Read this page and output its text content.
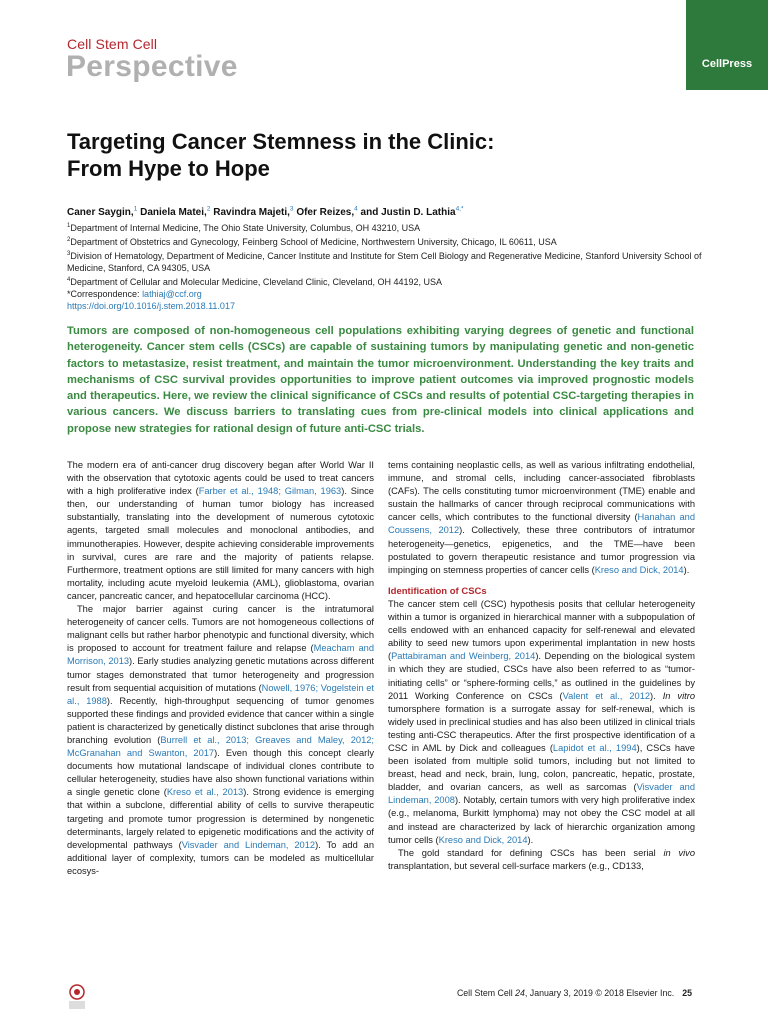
Cell Stem Cell
Perspective	CellPress
Targeting Cancer Stemness in the Clinic:
From Hype to Hope
Caner Saygin,$^1$ Daniela Matei,$^2$ Ravindra Majeti,$^3$ Ofer Reizes,$^4$ and Justin D. Lathia$^{4,*}$
$^1$Department of Internal Medicine, The Ohio State University, Columbus, OH 43210, USA
$^2$Department of Obstetrics and Gynecology, Feinberg School of Medicine, Northwestern University, Chicago, IL 60611, USA
$^3$Division of Hematology, Department of Medicine, Cancer Institute and Institute for Stem Cell Biology and Regenerative Medicine, Stanford University School of Medicine, Stanford, CA 94305, USA
$^4$Department of Cellular and Molecular Medicine, Cleveland Clinic, Cleveland, OH 44192, USA
*Correspondence: lathiaj@ccf.org
https://doi.org/10.1016/j.stem.2018.11.017

Tumors are composed of non-homogeneous cell populations exhibiting varying degrees of genetic and functional heterogeneity. Cancer stem cells (CSCs) are capable of sustaining tumors by manipulating genetic and non-genetic factors to metastasize, resist treatment, and maintain the tumor microenvironment. Understanding the key traits and mechanisms of CSC survival provides opportunities to improve patient outcomes via improved prognostic models and therapeutics. Here, we review the clinical significance of CSCs and results of potential CSC-targeting therapies in various cancers. We discuss barriers to translating cues from pre-clinical models into clinical applications and propose new strategies for rational design of future anti-CSC trials.

The modern era of anti-cancer drug discovery began after World War II with the observation that cytotoxic agents could be used to treat cancers with a high proliferative index (Farber et al., 1948; Gilman, 1963). Since then, our understanding of human tumor biology has increased substantially, translating into the development of numerous cytotoxic agents, targeted small molecules and monoclonal antibodies, and immunotherapies. However, despite achieving considerable improvements in survival, cures are rare and the majority of patients relapse. Furthermore, treatment options are still limited for many cancers with high mortality, including acute myeloid leukemia (AML), glioblastoma, ovarian cancer, pancreatic cancer, and hepatocellular carcinoma (HCC).

The major barrier against curing cancer is the intratumoral heterogeneity of cancer cells. Tumors are not homogeneous collections of malignant cells but rather harbor phenotypic and functional diversity, which is proposed to account for treatment failure and relapse (Meacham and Morrison, 2013). Early studies analyzing genetic mutations across different tumor stages demonstrated that tumor heterogeneity and progression result from sequential acquisition of mutations (Nowell, 1976; Vogelstein et al., 1988). Recently, high-throughput sequencing of tumor genomes supported these findings and provided evidence that cancer within a single patient is characterized by genetically distinct subclones that arise through branching evolution (Burrell et al., 2013; Greaves and Maley, 2012; McGranahan and Swanton, 2017). Even though this concept clearly documents how mutational landscape of individual clones contribute to cellular heterogeneity, studies have also shown functional variations within a single genetic clone (Kreso et al., 2013). Strong evidence is emerging that within a subclone, differential ability of cells to survive therapeutic targeting and promote tumor progression is determined by nongenetic determinants, largely related to epigenetic modifications and the activity of developmental pathways (Visvader and Lindeman, 2012). To add an additional layer of complexity, tumors can be modeled as multicellular ecosys-

tems containing neoplastic cells, as well as various infiltrating endothelial, immune, and stromal cells, including cancer-associated fibroblasts (CAFs). The cells constituting tumor microenvironment (TME) enable and sustain the hallmarks of cancer through reciprocal communications with cancer cells, which contributes to the functional diversity (Hanahan and Coussens, 2012). Collectively, these three contributors of intratumor heterogeneity—genetics, epigenetics, and the TME—have been postulated to govern therapeutic resistance and tumor progression via impinging on stemness properties of cancer cells (Kreso and Dick, 2014).

Identification of CSCs

The cancer stem cell (CSC) hypothesis posits that cellular heterogeneity within a tumor is organized in hierarchical manner with a subpopulation of cells endowed with an enhanced capacity for self-renewal and elevated ability to seed new tumors upon experimental implantation in new hosts (Pattabiraman and Weinberg, 2014). Depending on the biological system in which they are studied, CSCs have also been referred to as “tumor-initiating cells” or “sphere-forming cells,” as outlined in the guidelines by 2011 Working Conference on CSCs (Valent et al., 2012). In vitro tumorsphere formation is a surrogate assay for self-renewal, which is widely used in preclinical studies and has also been utilized in clinical trials testing anti-CSC therapeutics. After the first prospective identification of a CSC in AML by Dick and colleagues (Lapidot et al., 1994), CSCs have been isolated from multiple solid tumors, including but not limited to breast, head and neck, brain, lung, colon, pancreatic, hepatic, prostate, bladder, and ovarian cancers, as well as sarcomas (Visvader and Lindeman, 2008). Notably, certain tumors with very high proliferative index (e.g., melanoma, Burkitt lymphoma) may not obey the CSC model at all and instead are characterized by lack of hierarchic organization among tumor cells (Kreso and Dick, 2014).

The gold standard for defining CSCs has been serial in vivo transplantation, but several cell-surface markers (e.g., CD133,

Cell Stem Cell 24, January 3, 2019 © 2018 Elsevier Inc. 25
